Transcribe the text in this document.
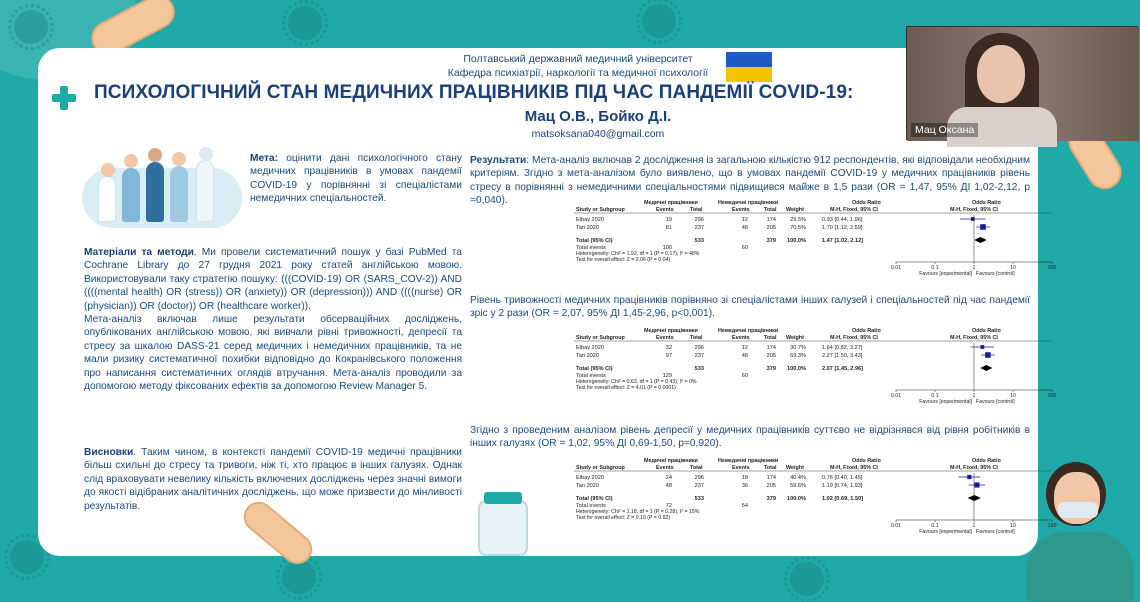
Полтавський державний медичний університет
Кафедра психіатрії, наркології та медичної психології
ПСИХОЛОГІЧНИЙ СТАН МЕДИЧНИХ ПРАЦІВНИКІВ ПІД ЧАС ПАНДЕМІЇ COVID-19:
Мац О.В., Бойко Д.І.
matsoksana040@gmail.com
Мета: оцінити дані психологічного стану медичних працівників в умовах пандемії COVID-19 у порівнянні зі спеціалістами немедичних спеціальностей.

Матеріали та методи. Ми провели систематичний пошук у базі PubMed та Cochrane Library до 27 грудня 2021 року статей англійською мовою. Використовували таку стратегію пошуку: (((COVID-19) OR (SARS_COV-2)) AND ((((mental health) OR (stress)) OR (anxiety)) OR (depression))) AND ((((nurse) OR (physician)) OR (doctor)) OR (healthcare worker)).

Мета-аналіз включав лише результати обсерваційних досліджень, опублікованих англійською мовою, які вивчали рівні тривожності, депресії та стресу за шкалою DASS-21 серед медичних і немедичних працівників, та не мали ризику систематичної похибки відповідно до Кокранівського положення про написання систематичних оглядів втручання. Мета-аналіз проводили за допомогою методу фіксованих ефектів за допомогою Review Manager 5.

Висновки. Таким чином, в контексті пандемії COVID-19 медичні працівники більш схильні до стресу та тривоги, ніж ті, хто працює в інших галузях. Однак слід враховувати невелику кількість включених досліджень через значні вимоги до якості відібраних аналітичних досліджень, що може призвести до мінливості результатів.
Результати: Мета-аналіз включав 2 дослідження із загальною кількістю 912 респондентів, які відповідали необхідним критеріям. Згідно з мета-аналізом було виявлено, що в умовах пандемії COVID-19 у медичних працівників рівень стресу в порівнянні з немедичними спеціальностями підвищився майже в 1,5 рази (OR = 1,47, 95% ДІ 1,02-2,12, p =0,040).	Медичні працівники	Немедичні працівники	Odds Ratio	Odds Ratio
Study or Subgroup	Events	Total	Events	Total Weight	M-H, Fixed, 95% CI	M-H, Fixed, 95% CI
Elbay 2020	19	296	12	174	29.5%	0.93 [0.44, 1.96]
Tan 2020	81	237	48	205	70.5%	1.70 [1.12, 2.59]
Total (95% CI)	533	379 100.0%	1.47 [1.02, 2.12]
Total events	100	60
Heterogeneity: Chi² = 1.92, df = 1 (P = 0.17); I² = 48%
Test for overall effect: Z = 2.06 (P = 0.04)
0.01	0.1	1	10	100
Favours [experimental] Favours [control]
Рівень тривожності медичних працівників порівняно зі спеціалістами інших галузей і спеціальностей під час пандемії зріс у 2 рази (OR = 2,07, 95% ДІ 1,45-2,96, p<0,001).
Медичні працівники	Немедичні працівники	Odds Ratio	Odds Ratio
Study or Subgroup	Events	Total	Events	Total Weight	M-H, Fixed, 95% CI	M-H, Fixed, 95% CI
Elbay 2020	32	296	12	174	30.7%	1.64 [0.82, 3.27]
Tan 2020	97	237	48	205	69.3%	2.27 [1.50, 3.43]
Total (95% CI)	533	379 100.0%	2.07 [1.45, 2.96]
Total events	129	60
Heterogeneity: Chi² = 0.63, df = 1 (P = 0.43); I² = 0%
Test for overall effect: Z = 4.01 (P = 0.0001)
0.01	0.1	1	10	100
Favours [experimental] Favours [control]
Згідно з проведеним аналізом рівень депресії у медичних працівників суттєво не відрізнявся від рівня робітників в інших галузях (OR = 1,02, 95% ДІ 0,69-1,50, p=0,920).
Медичні працівники	Немедичні працівники	Odds Ratio	Odds Ratio
Study or Subgroup	Events	Total	Events	Total Weight	M-H, Fixed, 95% CI	M-H, Fixed, 95% CI
Elbay 2020	24	296	18	174	40.4%	0.76 [0.40, 1.45]
Tan 2020	48	237	36	205	59.6%	1.19 [0.74, 1.93]
Total (95% CI)	533	379 100.0%	1.02 [0.69, 1.50]
Total events	72	54
Heterogeneity: Chi² = 1.18, df = 1 (P = 0.28); I² = 15%
Test for overall effect: Z = 0.10 (P = 0.92)
0.01	0.1	1	10	100
Favours [experimental] Favours [control]
Мац Оксана
